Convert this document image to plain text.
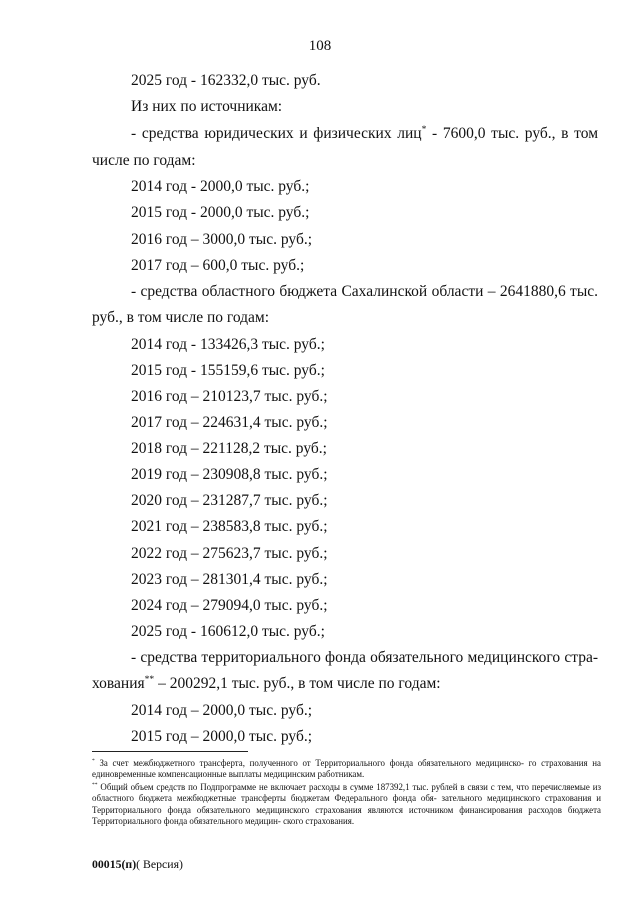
108
2025 год - 162332,0 тыс. руб.
Из них по источникам:
- средства юридических и физических лиц* - 7600,0 тыс. руб., в том
числе по годам:
2014 год - 2000,0 тыс. руб.;
2015 год - 2000,0 тыс. руб.;
2016 год – 3000,0 тыс. руб.;
2017 год – 600,0 тыс. руб.;
- средства областного бюджета Сахалинской области – 2641880,6 тыс.
руб., в том числе по годам:
2014 год - 133426,3 тыс. руб.;
2015 год - 155159,6 тыс. руб.;
2016 год – 210123,7 тыс. руб.;
2017 год – 224631,4 тыс. руб.;
2018 год – 221128,2 тыс. руб.;
2019 год – 230908,8 тыс. руб.;
2020 год – 231287,7 тыс. руб.;
2021 год – 238583,8 тыс. руб.;
2022 год – 275623,7 тыс. руб.;
2023 год – 281301,4 тыс. руб.;
2024 год – 279094,0 тыс. руб.;
2025 год - 160612,0 тыс. руб.;
- средства территориального фонда обязательного медицинского стра-
хования** – 200292,1 тыс. руб., в том числе по годам:
2014 год – 2000,0 тыс. руб.;
2015 год – 2000,0 тыс. руб.;
* За счет межбюджетного трансферта, полученного от Территориального фонда обязательного медицинско- го страхования на единовременные компенсационные выплаты медицинским работникам.
** Общий объем средств по Подпрограмме не включает расходы в сумме 187392,1 тыс. рублей в связи с тем, что перечисляемые из областного бюджета межбюджетные трансферты бюджетам Федерального фонда обя- зательного медицинского страхования и Территориального фонда обязательного медицинского страхования являются источником финансирования расходов бюджета Территориального фонда обязательного медицин- ского страхования.
00015(п)( Версия)
